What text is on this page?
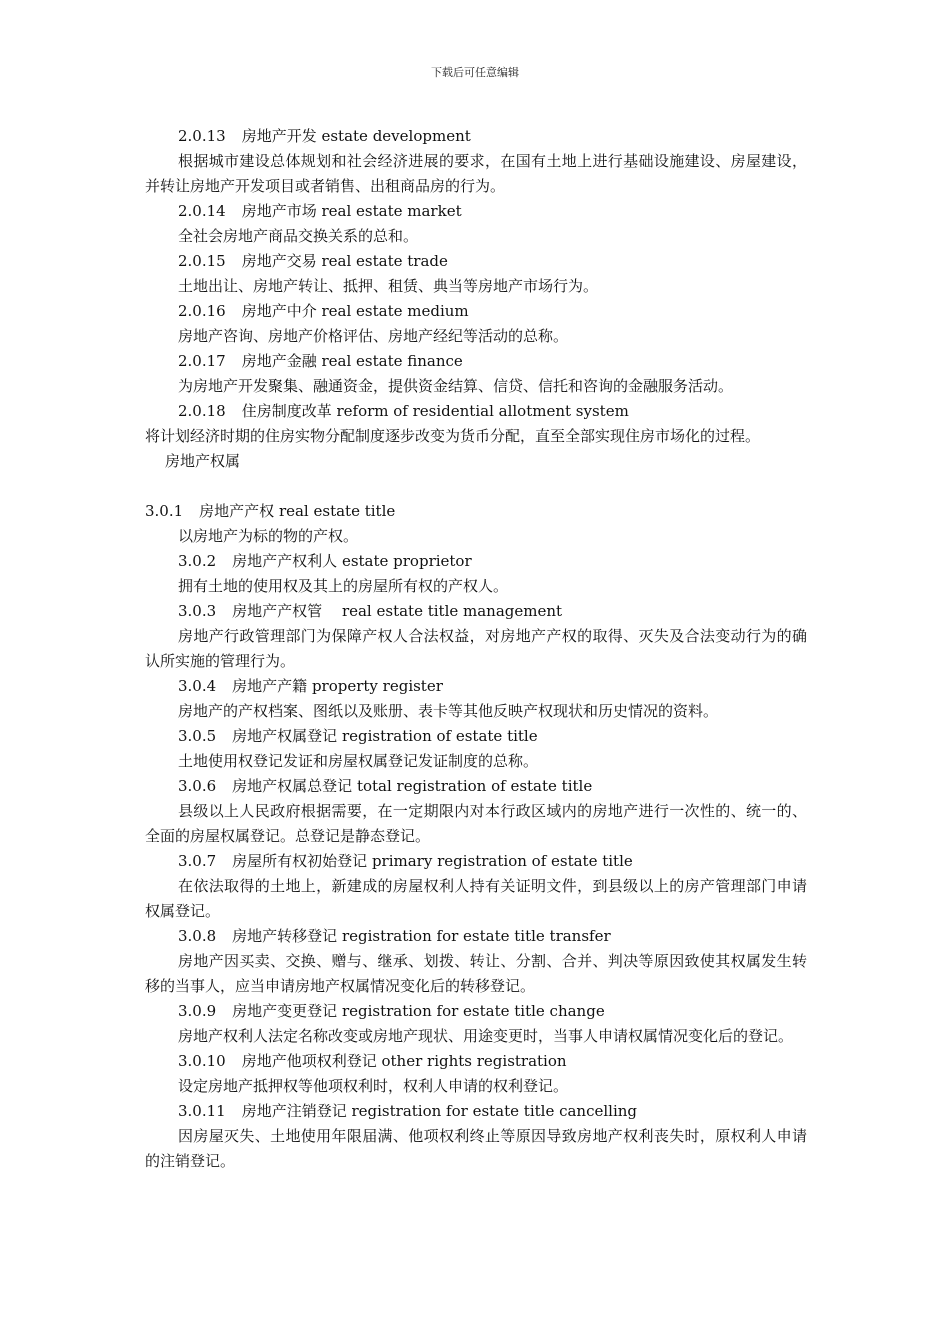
下载后可任意编辑

2.0.13 房地产开发 estate development

根据城市建设总体规划和社会经济进展的要求，在国有土地上进行基础设施建设、房屋建设，并转让房地产开发项目或者销售、出租商品房的行为。

2.0.14 房地产市场 real estate market

全社会房地产商品交换关系的总和。

2.0.15 房地产交易 real estate trade

土地出让、房地产转让、抵押、租赁、典当等房地产市场行为。

2.0.16 房地产中介 real estate medium

房地产咨询、房地产价格评估、房地产经纪等活动的总称。

2.0.17 房地产金融 real estate finance

为房地产开发聚集、融通资金，提供资金结算、信贷、信托和咨询的金融服务活动。

2.0.18 住房制度改革 reform of residential allotment system

将计划经济时期的住房实物分配制度逐步改变为货币分配，直至全部实现住房市场化的过程。

房地产权属

3.0.1 房地产产权 real estate title

以房地产为标的物的产权。

3.0.2 房地产产权利人 estate proprietor

拥有土地的使用权及其上的房屋所有权的产权人。

3.0.3 房地产产权管　 real estate title management

房地产行政管理部门为保障产权人合法权益，对房地产产权的取得、灭失及合法变动行为的确认所实施的管理行为。

3.0.4 房地产产籍 property register

房地产的产权档案、图纸以及账册、表卡等其他反映产权现状和历史情况的资料。

3.0.5 房地产权属登记 registration of estate title

土地使用权登记发证和房屋权属登记发证制度的总称。

3.0.6 房地产权属总登记 total registration of estate title

县级以上人民政府根据需要，在一定期限内对本行政区域内的房地产进行一次性的、统一的、全面的房屋权属登记。总登记是静态登记。

3.0.7 房屋所有权初始登记 primary registration of estate title

在依法取得的土地上，新建成的房屋权利人持有关证明文件，到县级以上的房产管理部门申请权属登记。

3.0.8 房地产转移登记 registration for estate title transfer

房地产因买卖、交换、赠与、继承、划拨、转让、分割、合并、判决等原因致使其权属发生转移的当事人，应当申请房地产权属情况变化后的转移登记。

3.0.9 房地产变更登记 registration for estate title change

房地产权利人法定名称改变或房地产现状、用途变更时，当事人申请权属情况变化后的登记。

3.0.10 房地产他项权利登记 other rights registration

设定房地产抵押权等他项权利时，权利人申请的权利登记。

3.0.11 房地产注销登记 registration for estate title cancelling

因房屋灭失、土地使用年限届满、他项权利终止等原因导致房地产权利丧失时，原权利人申请的注销登记。
